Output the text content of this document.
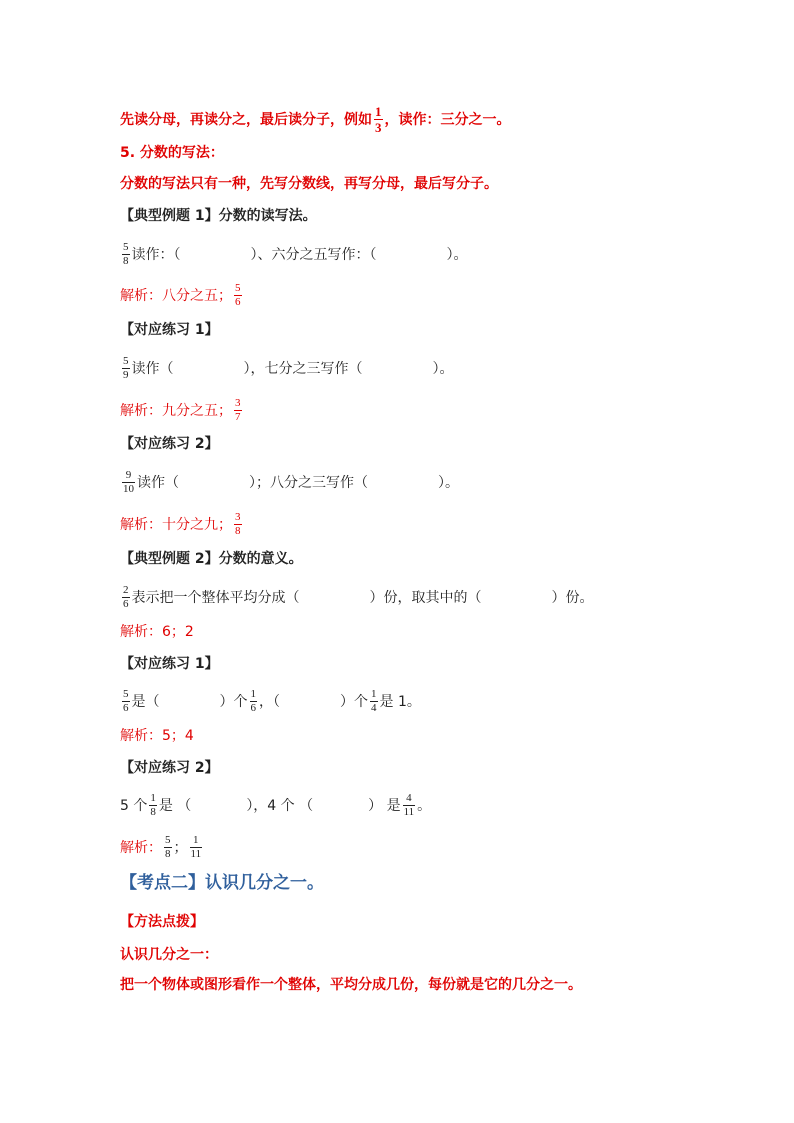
先读分母，再读分之，最后读分子，例如 $\frac{1}{3}$ ，读作：三分之一。
5. 分数的写法：
分数的写法只有一种，先写分数线，再写分母，最后写分子。
【典型例题 1】分数的读写法。
$\frac{5}{8}$ 读作：（	）、六分之五写作：（	）。
解析： 八分之五； $\frac{5}{6}$
【对应练习 1】
$\frac{5}{9}$ 读作（	），七分之三写作（	）。
解析： 九分之五； $\frac{3}{7}$
【对应练习 2】
$\frac{9}{10}$ 读作（	）；八分之三写作（	）。
解析： 十分之九； $\frac{3}{8}$
【典型例题 2】分数的意义。
$\frac{2}{6}$ 表示把一个整体平均分成（	）份，取其中的（	）份。
解析： 6；2
【对应练习 1】
$\frac{5}{6}$ 是（	）个 $\frac{1}{6}$ ，（	）个 $\frac{1}{4}$ 是 1。
解析： 5；4
【对应练习 2】
5 个 $\frac{1}{8}$ 是 （	），4 个 （	） 是 $\frac{4}{11}$ 。
解析： $\frac{5}{8}$ ； $\frac{1}{11}$
【考点二】认识几分之一。
【方法点拨】
认识几分之一：
把一个物体或图形看作一个整体，平均分成几份，每份就是它的几分之一。
